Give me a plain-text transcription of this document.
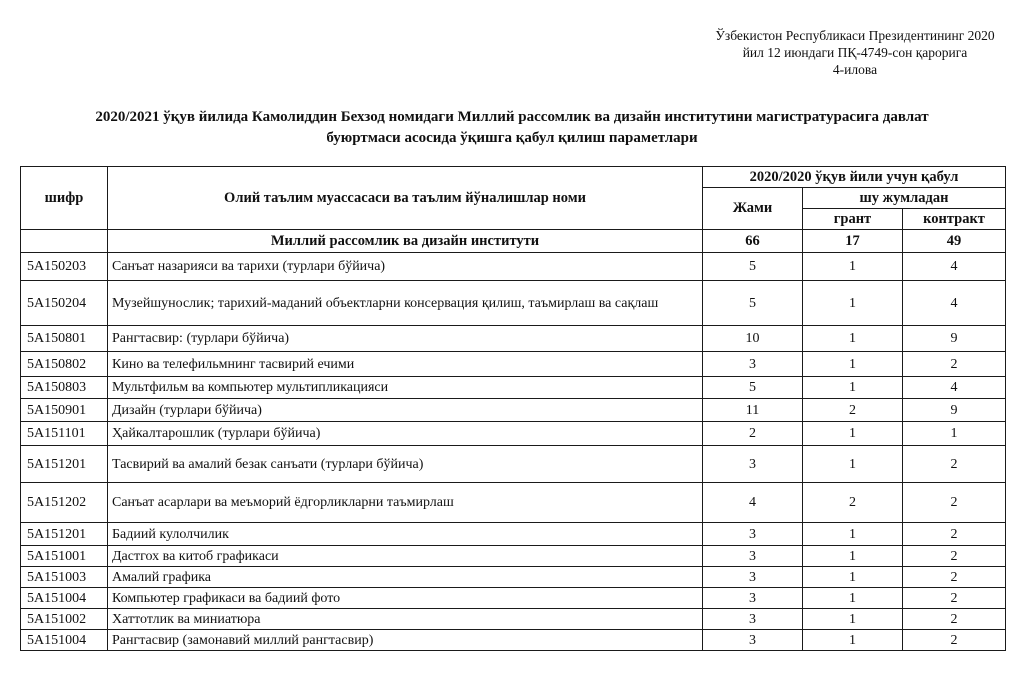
Ўзбекистон Республикаси Президентининг 2020
йил 12 июндаги ПҚ-4749-сон қарорига
4-илова
2020/2021 ўқув йилида Камолиддин Бехзод номидаги Миллий рассомлик ва дизайн институтини магистратурасига давлат
буюртмаси асосида ўқишга қабул қилиш параметлари
шифр	Олий таълим муассасаси ва таълим йўналишлар номи	2020/2020 ўқув йили учун қабул		
		Жами	шу жумладан	
			грант	контракт
	Миллий рассомлик ва дизайн институти	66	17	49
5A150203	Санъат назарияси ва тарихи (турлари бўйича)	5	1	4
5A150204	Музейшунослик; тарихий-маданий объектларни консервация қилиш, таъмирлаш ва сақлаш	5	1	4
5A150801	Рангтасвир: (турлари бўйича)	10	1	9
5A150802	Кино ва телефильмнинг тасвирий ечими	3	1	2
5A150803	Мультфильм ва компьютер мультипликацияси	5	1	4
5A150901	Дизайн (турлари бўйича)	11	2	9
5A151101	Ҳайкалтарошлик (турлари бўйича)	2	1	1
5A151201	Тасвирий ва амалий безак санъати (турлари бўйича)	3	1	2
5A151202	Санъат асарлари ва меъморий ёдгорликларни таъмирлаш	4	2	2
5A151201	Бадиий кулолчилик	3	1	2
5A151001	Дастгох ва китоб графикаси	3	1	2
5A151003	Амалий графика	3	1	2
5A151004	Компьютер графикаси ва бадиий фото	3	1	2
5A151002	Хаттотлик ва миниатюра	3	1	2
5A151004	Рангтасвир (замонавий миллий рангтасвир)	3	1	2
